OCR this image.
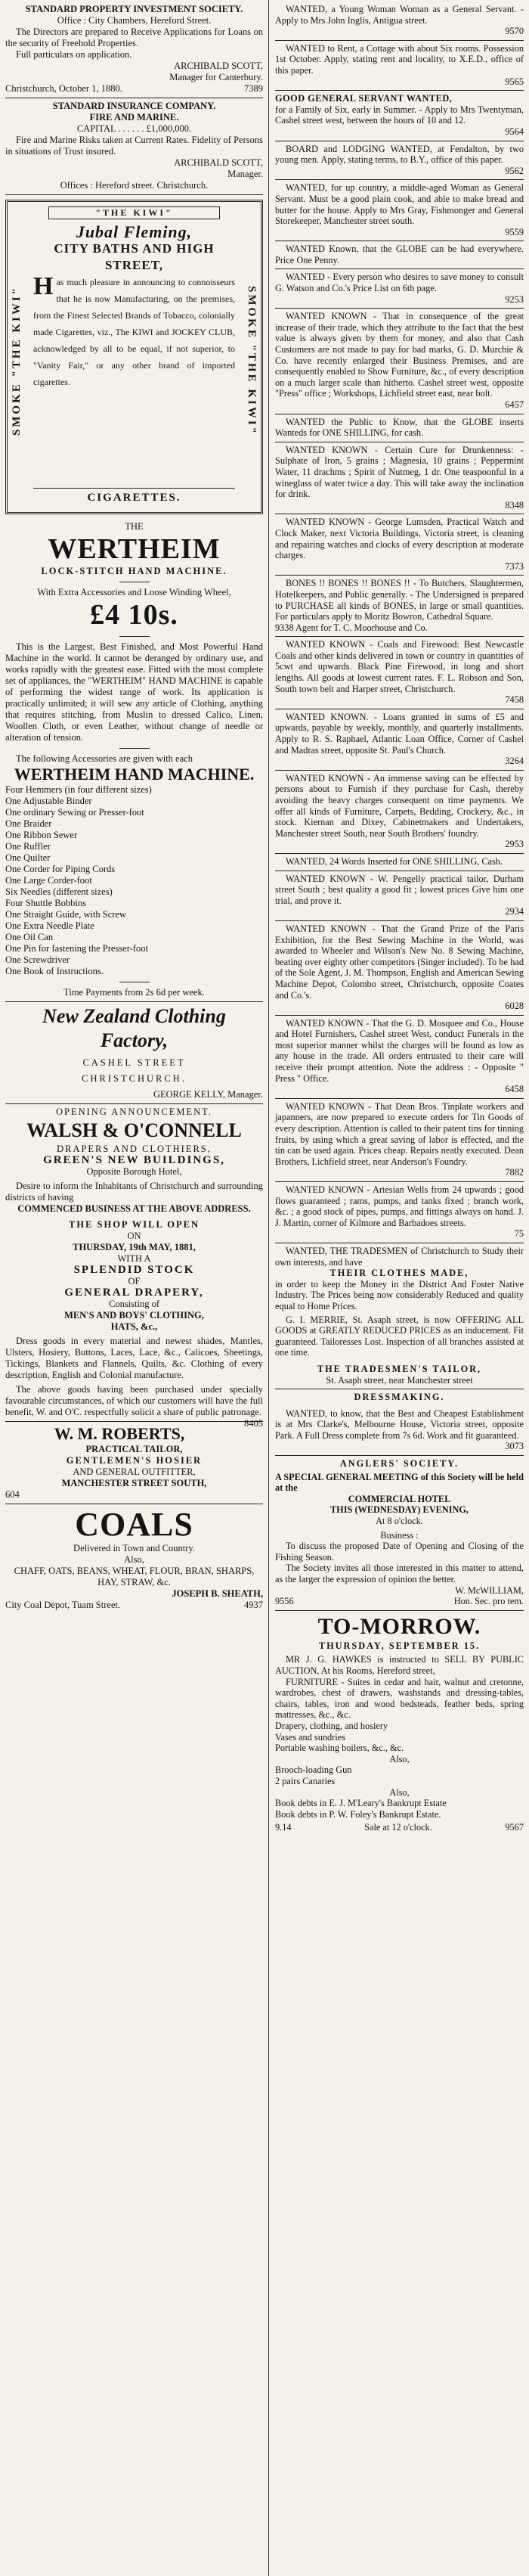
STANDARD PROPERTY INVESTMENT SOCIETY.

Office : City Chambers, Hereford Street.

The Directors are prepared to Receive Applications for Loans on the security of Freehold Properties.

Full particulars on application.

ARCHIBALD SCOTT,

Manager for Canterbury.

Christchurch, October 1, 1880.	7389

STANDARD INSURANCE COMPANY.

FIRE AND MARINE.

CAPITAL . . . . . . £1,000,000.

Fire and Marine Risks taken at Current Rates. Fidelity of Persons in situations of Trust insured.

ARCHIBALD SCOTT,

Manager.

Offices : Hereford street. Christchurch.

SMOKE "THE KIWI"	SMOKE "THE KIWI"
"THE KIWI"
Jubal Fleming,
CITY BATHS AND HIGH
STREET,
H as much pleasure in announcing to connoisseurs that he is now Manufacturing, on the premises, from the Finest Selected Brands of Tobacco, colonially made Cigarettes, viz., The KIWI and JOCKEY CLUB, acknowledged by all to be equal, if not superior, to "Vanity Fair," or any other brand of imported cigarettes.

CIGARETTES.

THE

WERTHEIM

LOCK-STITCH HAND MACHINE.

With Extra Accessories and Loose Winding Wheel,

£4 10s.

This is the Largest, Best Finished, and Most Powerful Hand Machine in the world. It cannot be deranged by ordinary use, and works rapidly with the greatest ease. Fitted with the most complete set of appliances, the "WERTHEIM" HAND MACHINE is capable of performing the widest range of work. Its application is practically unlimited; it will sew any article of Clothing, anything that requires stitching, from Muslin to dressed Calico, Linen, Woollen Cloth, or even Leather, without change of needle or alteration of tension.

The following Accessories are given with each

WERTHEIM HAND MACHINE.

Four Hemmers (in four different sizes)

One Adjustable Binder

One ordinary Sewing or Presser-foot

One Braider

One Ribbon Sewer

One Ruffler

One Quilter

One Corder for Piping Cords

One Large Corder-foot

Six Needles (different sizes)

Four Shuttle Bobbins

One Straight Guide, with Screw

One Extra Needle Plate

One Oil Can

One Pin for fastening the Presser-foot

One Screwdriver

One Book of Instructions.

Time Payments from 2s 6d per week.

New Zealand Clothing
Factory,

CASHEL STREET

CHRISTCHURCH.

GEORGE KELLY, Manager.

OPENING ANNOUNCEMENT.

WALSH & O'CONNELL

DRAPERS AND CLOTHIERS,

GREEN'S NEW BUILDINGS,

Opposite Borough Hotel,

Desire to inform the Inhabitants of Christchurch and surrounding districts of having

COMMENCED BUSINESS AT THE ABOVE ADDRESS.

THE SHOP WILL OPEN

ON

THURSDAY, 19th MAY, 1881,

WITH A

SPLENDID STOCK

OF

GENERAL DRAPERY,

Consisting of

MEN'S AND BOYS' CLOTHING,

HATS, &c.,

Dress goods in every material and newest shades, Mantles, Ulsters, Hosiery, Buttons, Laces, Lace, &c., Calicoes, Sheetings, Tickings, Blankets and Flannels, Quilts, &c. Clothing of every description, English and Colonial manufacture.

The above goods having been purchased under specially favourable circumstances, of which our customers will have the full benefit, W. and O'C. respectfully solicit a share of public patronage.
8405

W. M. ROBERTS,

PRACTICAL TAILOR,

GENTLEMEN'S HOSIER

AND GENERAL OUTFITTER,

MANCHESTER STREET SOUTH,

604

COALS

Delivered in Town and Country.

Also,

CHAFF, OATS, BEANS, WHEAT, FLOUR, BRAN, SHARPS, HAY, STRAW, &c.

JOSEPH B. SHEATH,

City Coal Depot, Tuam Street.	4937

WANTED, a Young Woman Woman as a General Servant. - Apply to Mrs John Inglis, Antigua street.

9570

WANTED to Rent, a Cottage with about Six rooms. Possession 1st October. Apply, stating rent and locality, to X.E.D., office of this paper.

9565

GOOD GENERAL SERVANT WANTED,

for a Family of Six, early in Summer. - Apply to Mrs Twentyman, Cashel street west, between the hours of 10 and 12.

9564

BOARD and LODGING WANTED, at Fendalton, by two young men. Apply, stating terms, to B.Y., office of this paper.

9562

WANTED, for up country, a middle-aged Woman as General Servant. Must be a good plain cook, and able to make bread and butter for the house. Apply to Mrs Gray, Fishmonger and General Storekeeper, Manchester street south.

9559

WANTED Known, that the GLOBE can be had everywhere. Price One Penny.

WANTED - Every person who desires to save money to consult G. Watson and Co.'s Price List on 6th page.

9253

WANTED KNOWN - That in consequence of the great increase of their trade, which they attribute to the fact that the best value is always given by them for money, and also that Cash Customers are not made to pay for bad marks, G. D. Murchie & Co. have recently enlarged their Business Premises, and are consequently enabled to Show Furniture, &c., of every description on a much larger scale than hitherto. Cashel street west, opposite "Press" office ; Workshops, Lichfield street east, near bolt.

6457

WANTED the Public to Know, that the GLOBE inserts Wanteds for ONE SHILLING, for cash.

WANTED KNOWN - Certain Cure for Drunkenness: - Sulphate of Iron, 5 grains ; Magnesia, 10 grains ; Peppermint Water, 11 drachms ; Spirit of Nutmeg, 1 dr. One teaspoonful in a wineglass of water twice a day. This will take away the inclination for drink.

8348

WANTED KNOWN - George Lumsden, Practical Watch and Clock Maker, next Victoria Buildings, Victoria street, is cleaning and repairing watches and clocks of every description at moderate charges.

7373

BONES !! BONES !! BONES !! - To Butchers, Slaughtermen, Hotelkeepers, and Public generally. - The Undersigned is prepared to PURCHASE all kinds of BONES, in large or small quantities. For particulars apply to Moritz Bowron, Cathedral Square.

9338 Agent for T. C. Moorhouse and Co.

WANTED KNOWN - Coals and Firewood: Best Newcastle Coals and other kinds delivered in town or country in quantities of 5cwt and upwards. Black Pine Firewood, in long and short lengths. All goods at lowest current rates. F. L. Robson and Son, South town belt and Harper street, Christchurch.

7458

WANTED KNOWN. - Loans granted in sums of £5 and upwards, payable by weekly, monthly, and quarterly installments. Apply to R. S. Raphael, Atlantic Loan Office, Corner of Cashel and Madras street, opposite St. Paul's Church.

3264

WANTED KNOWN - An immense saving can be effected by persons about to Furnish if they purchase for Cash, thereby avoiding the heavy charges consequent on time payments. We offer all kinds of Furniture, Carpets, Bedding, Crockery, &c., in stock. Kiernan and Dixey, Cabinetmakers and Undertakers, Manchester street South, near South Brothers' foundry.

2953

WANTED, 24 Words Inserted for ONE SHILLING, Cash.

WANTED KNOWN - W. Pengelly practical tailor, Durham street South ; best quality a good fit ; lowest prices Give him one trial, and prove it.

2934

WANTED KNOWN - That the Grand Prize of the Paris Exhibition, for the Best Sewing Machine in the World, was awarded to Wheeler and Wilson's New No. 8 Sewing Machine, beating over eighty other competitors (Singer included). To be had of the Sole Agent, J. M. Thompson, English and American Sewing Machine Depot, Colombo street, Christchurch, opposite Coates and Co.'s.

6028

WANTED KNOWN - That the G. D. Mosquee and Co., House and Hotel Furnishers, Cashel street West, conduct Funerals in the most superior manner whilst the charges will be found as low as any house in the trade. All orders entrusted to their care will receive their prompt attention. Note the address : - Opposite " Press " Office.

6458

WANTED KNOWN - That Dean Bros. Tinplate workers and japanners, are now prepared to execute orders for Tin Goods of every description. Attention is called to their patent tins for tinning fruits, by using which a great saving of labor is effected, and the tin can be used again. Prices cheap. Repairs neatly executed. Dean Brothers, Lichfield street, near Anderson's Foundry.

7882

WANTED KNOWN - Artesian Wells from 24 upwards ; good flows guaranteed ; rams, pumps, and tanks fixed ; branch work, &c. ; a good stock of pipes, pumps, and fittings always on hand. J. J. Martin, corner of Kilmore and Barbadoes streets.

75

WANTED, THE TRADESMEN of Christchurch to Study their own interests, and have

THEIR CLOTHES MADE,

in order to keep the Money in the District And Foster Native Industry. The Prices being now considerably Reduced and quality equal to Home Prices.

G. I. MERRIE, St. Asaph street, is now OFFERING ALL GOODS at GREATLY REDUCED PRICES as an inducement. Fit guaranteed. Tailoresses Lost. Inspection of all branches assisted at one time.

THE TRADESMEN'S TAILOR,

St. Asaph street, near Manchester street

DRESSMAKING.

WANTED, to know, that the Best and Cheapest Establishment is at Mrs Clarke's, Melbourne House, Victoria street, opposite Park. A Full Dress complete from 7s 6d. Work and fit guaranteed.

3073

ANGLERS' SOCIETY.

A SPECIAL GENERAL MEETING of this Society will be held at the

COMMERCIAL HOTEL

THIS (WEDNESDAY) EVENING,

At 8 o'clock.

Business :

To discuss the proposed Date of Opening and Closing of the Fishing Season.

The Society invites all those interested in this matter to attend, as the larger the expression of opinion the better.

W. McWILLIAM,

9556	Hon. Sec. pro tem.

TO-MORROW.

THURSDAY, SEPTEMBER 15.

MR J. G. HAWKES is instructed to SELL BY PUBLIC AUCTION, At his Rooms, Hereford street,

FURNITURE - Suites in cedar and hair, walnut and cretonne, wardrobes, chest of drawers, washstands and dressing-tables, chairs, tables, iron and wood bedsteads, feather beds, spring mattresses, &c., &c.

Drapery, clothing, and hosiery

Vases and sundries

Portable washing boilers, &c., &c.

Also,

Brooch-loading Gun

2 pairs Canaries

Also,

Book debts in E. J. M'Leary's Bankrupt Estate

Book debts in P. W. Foley's Bankrupt Estate.

9.14	Sale at 12 o'clock.	9567
